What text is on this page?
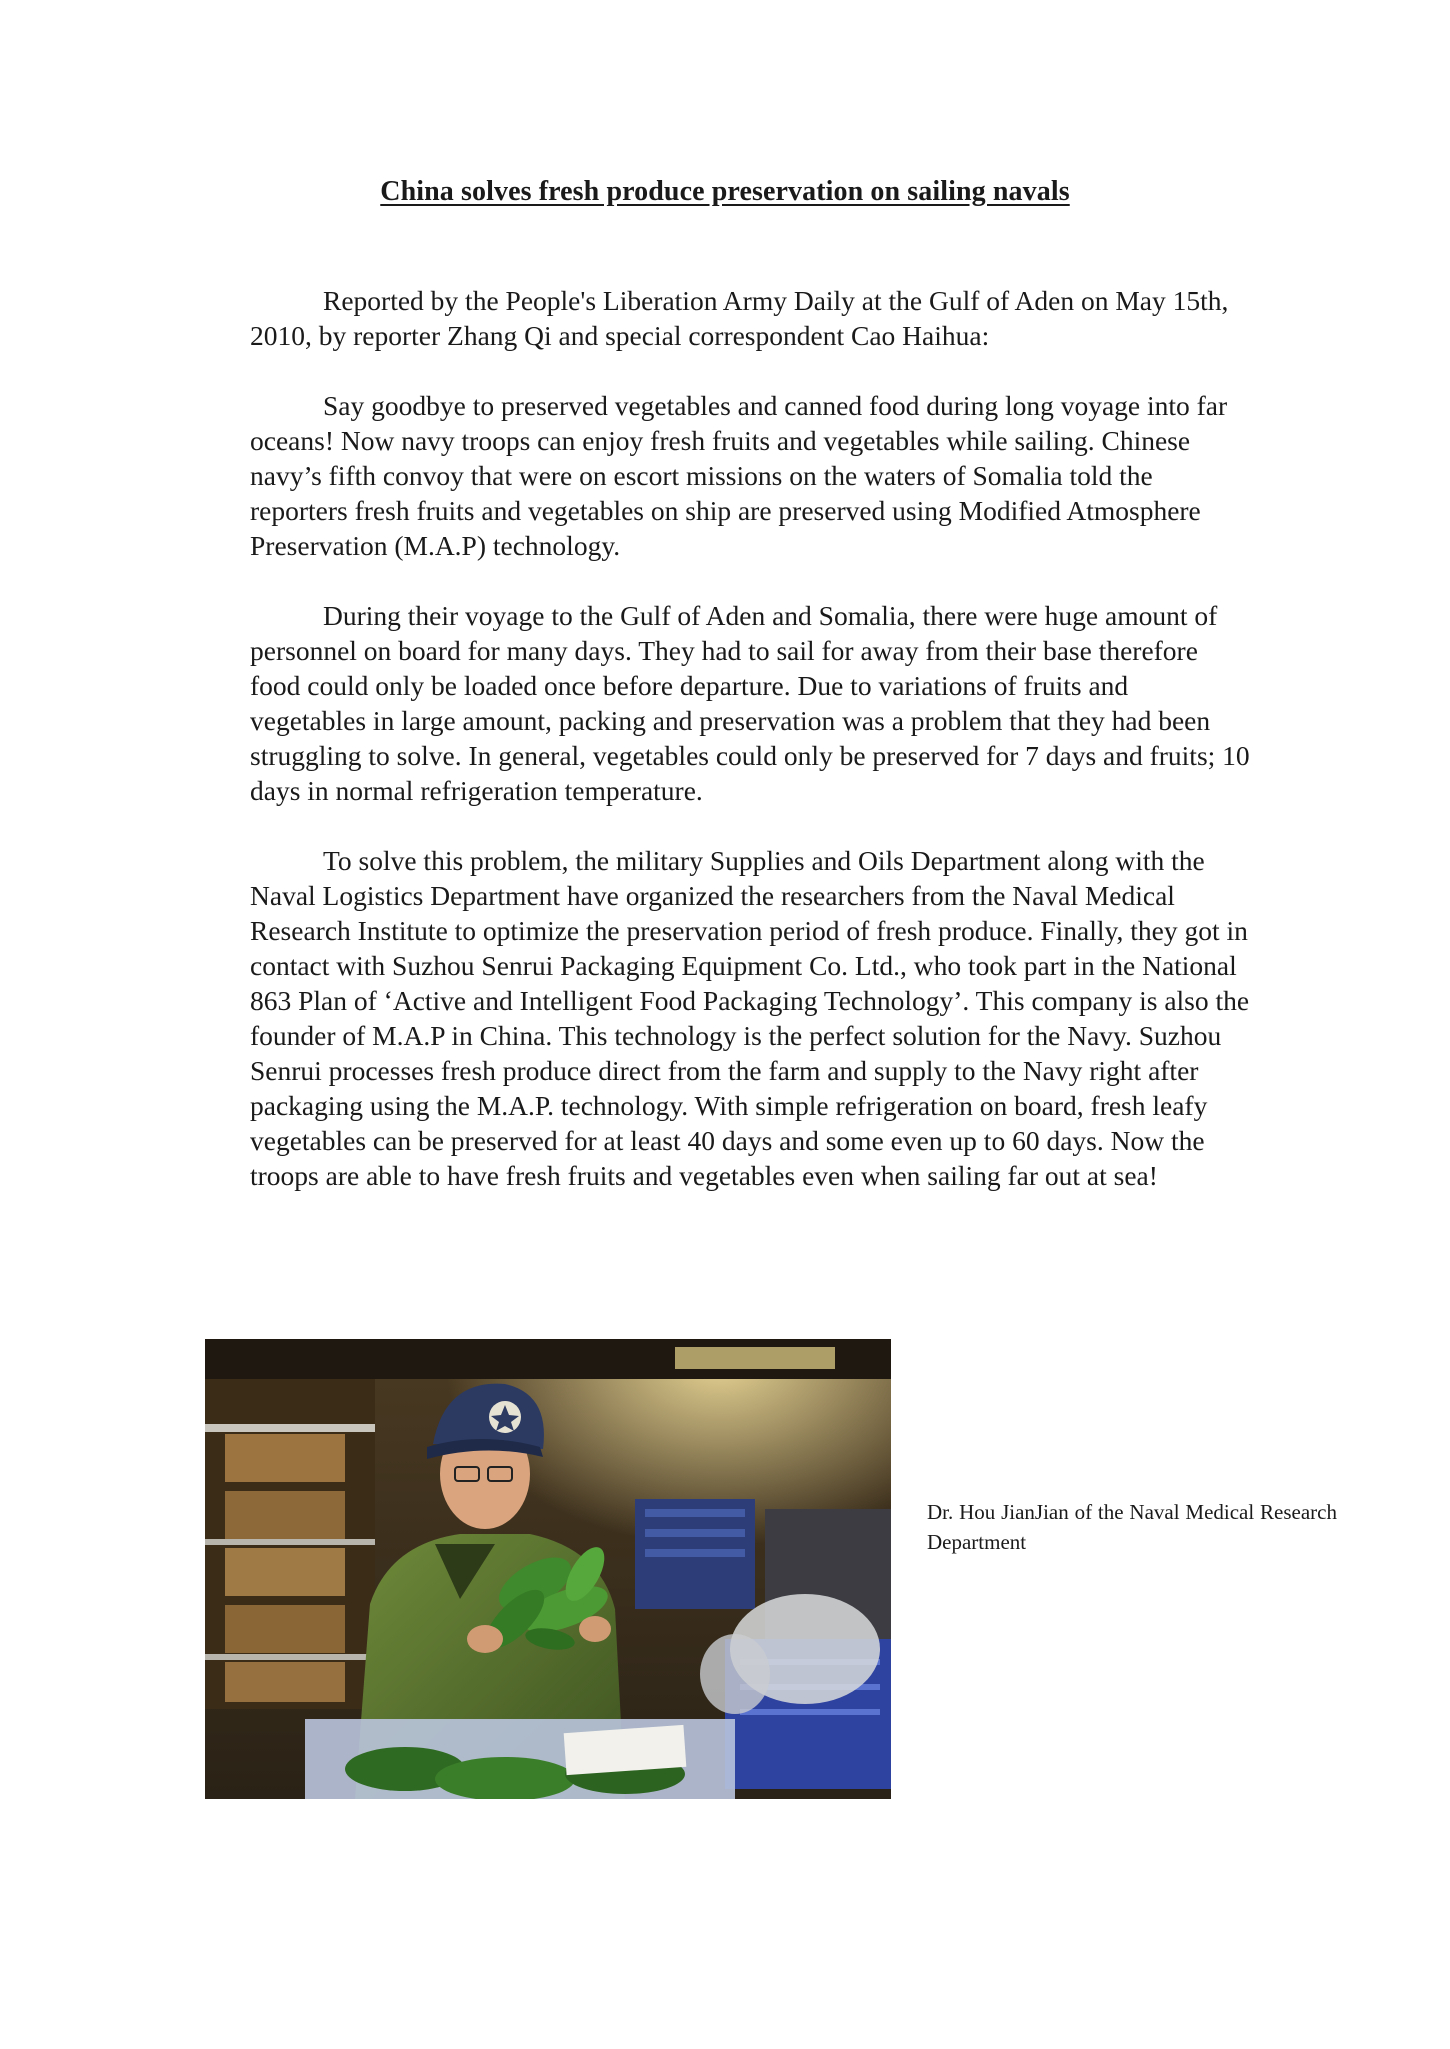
China solves fresh produce preservation on sailing navals

Reported by the People's Liberation Army Daily at the Gulf of Aden on May 15th, 2010, by reporter Zhang Qi and special correspondent Cao Haihua:

Say goodbye to preserved vegetables and canned food during long voyage into far oceans! Now navy troops can enjoy fresh fruits and vegetables while sailing. Chinese navy’s fifth convoy that were on escort missions on the waters of Somalia told the reporters fresh fruits and vegetables on ship are preserved using Modified Atmosphere Preservation (M.A.P) technology.

During their voyage to the Gulf of Aden and Somalia, there were huge amount of personnel on board for many days. They had to sail for away from their base therefore food could only be loaded once before departure. Due to variations of fruits and vegetables in large amount, packing and preservation was a problem that they had been struggling to solve. In general, vegetables could only be preserved for 7 days and fruits; 10 days in normal refrigeration temperature.

To solve this problem, the military Supplies and Oils Department along with the Naval Logistics Department have organized the researchers from the Naval Medical Research Institute to optimize the preservation period of fresh produce. Finally, they got in contact with Suzhou Senrui Packaging Equipment Co. Ltd., who took part in the National 863 Plan of ‘Active and Intelligent Food Packaging Technology’. This company is also the founder of M.A.P in China. This technology is the perfect solution for the Navy. Suzhou Senrui processes fresh produce direct from the farm and supply to the Navy right after packaging using the M.A.P. technology. With simple refrigeration on board, fresh leafy vegetables can be preserved for at least 40 days and some even up to 60 days. Now the troops are able to have fresh fruits and vegetables even when sailing far out at sea!

Dr. Hou JianJian of the Naval Medical Research Department
